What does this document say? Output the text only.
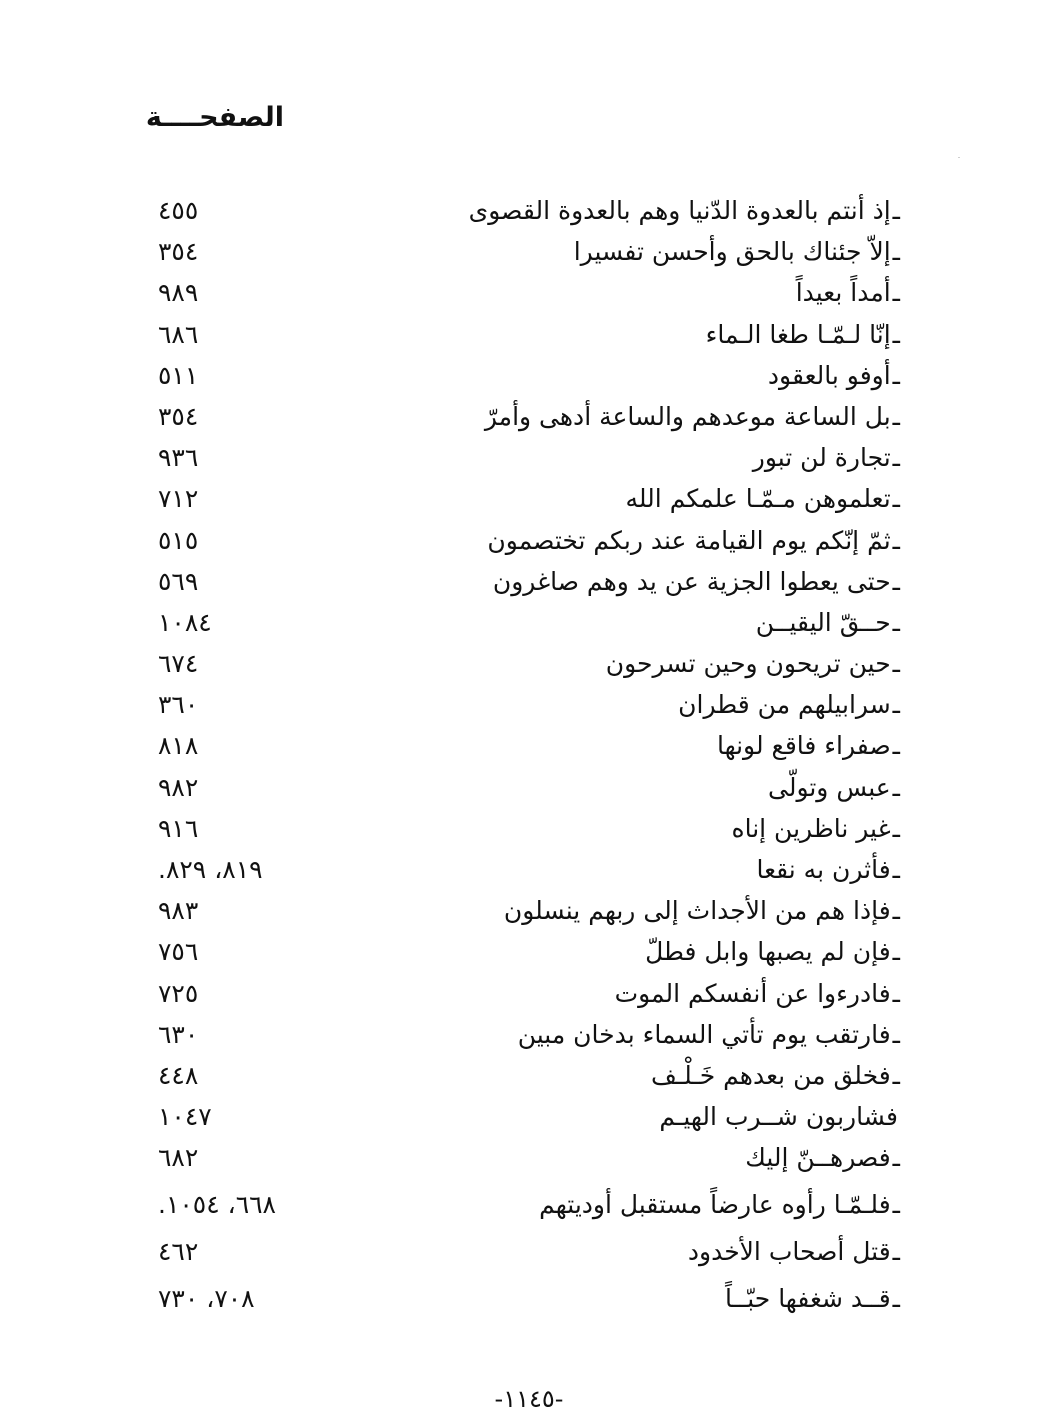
الصفحــــة
ـإذ أنتم بالعدوة الدّنيا وهم بالعدوة القصوى
٤٥٥
ـإلاّ جئناك بالحق وأحسن تفسيرا
٣٥٤
ـأمداً بعيداً
٩٨٩
ـإنّا لـمّـا طغا الـماء
٦٨٦
ـأوفو بالعقود
٥١١
ـبل الساعة موعدهم والساعة أدهى وأمرّ
٣٥٤
ـتجارة لن تبور
٩٣٦
ـتعلموهن مـمّـا علمكم الله
٧١٢
ـثمّ إنّكم يوم القيامة عند ربكم تختصمون
٥١٥
ـحتى يعطوا الجزية عن يد وهم صاغرون
٥٦٩
ـحــقّ اليقيــن
١٠٨٤
ـحين تريحون وحين تسرحون
٦٧٤
ـسرابيلهم من قطران
٣٦٠
ـصفراء فاقع لونها
٨١٨
ـعبس وتولّى
٩٨٢
ـغير ناظرين إناه
٩١٦
ـفأثرن به نقعا
٨١٩، ٨٢٩.
ـفإذا هم من الأجداث إلى ربهم ينسلون
٩٨٣
ـفإن لم يصبها وابل فطلّ
٧٥٦
ـفادرءوا عن أنفسكم الموت
٧٢٥
ـفارتقب يوم تأتي السماء بدخان مبين
٦٣٠
ـفخلق من بعدهم خَـلْـف
٤٤٨
فشاربون شــرب الهيـم
١٠٤٧
ـفصرهــنّ إليك
٦٨٢
ـفلـمّـا رأوه عارضاً مستقبل أوديتهم
٦٦٨، ١٠٥٤.
ـقتل أصحاب الأخدود
٤٦٢
ـقــد شغفها حبّــاً
٧٠٨، ٧٣٠
-١١٤٥-
